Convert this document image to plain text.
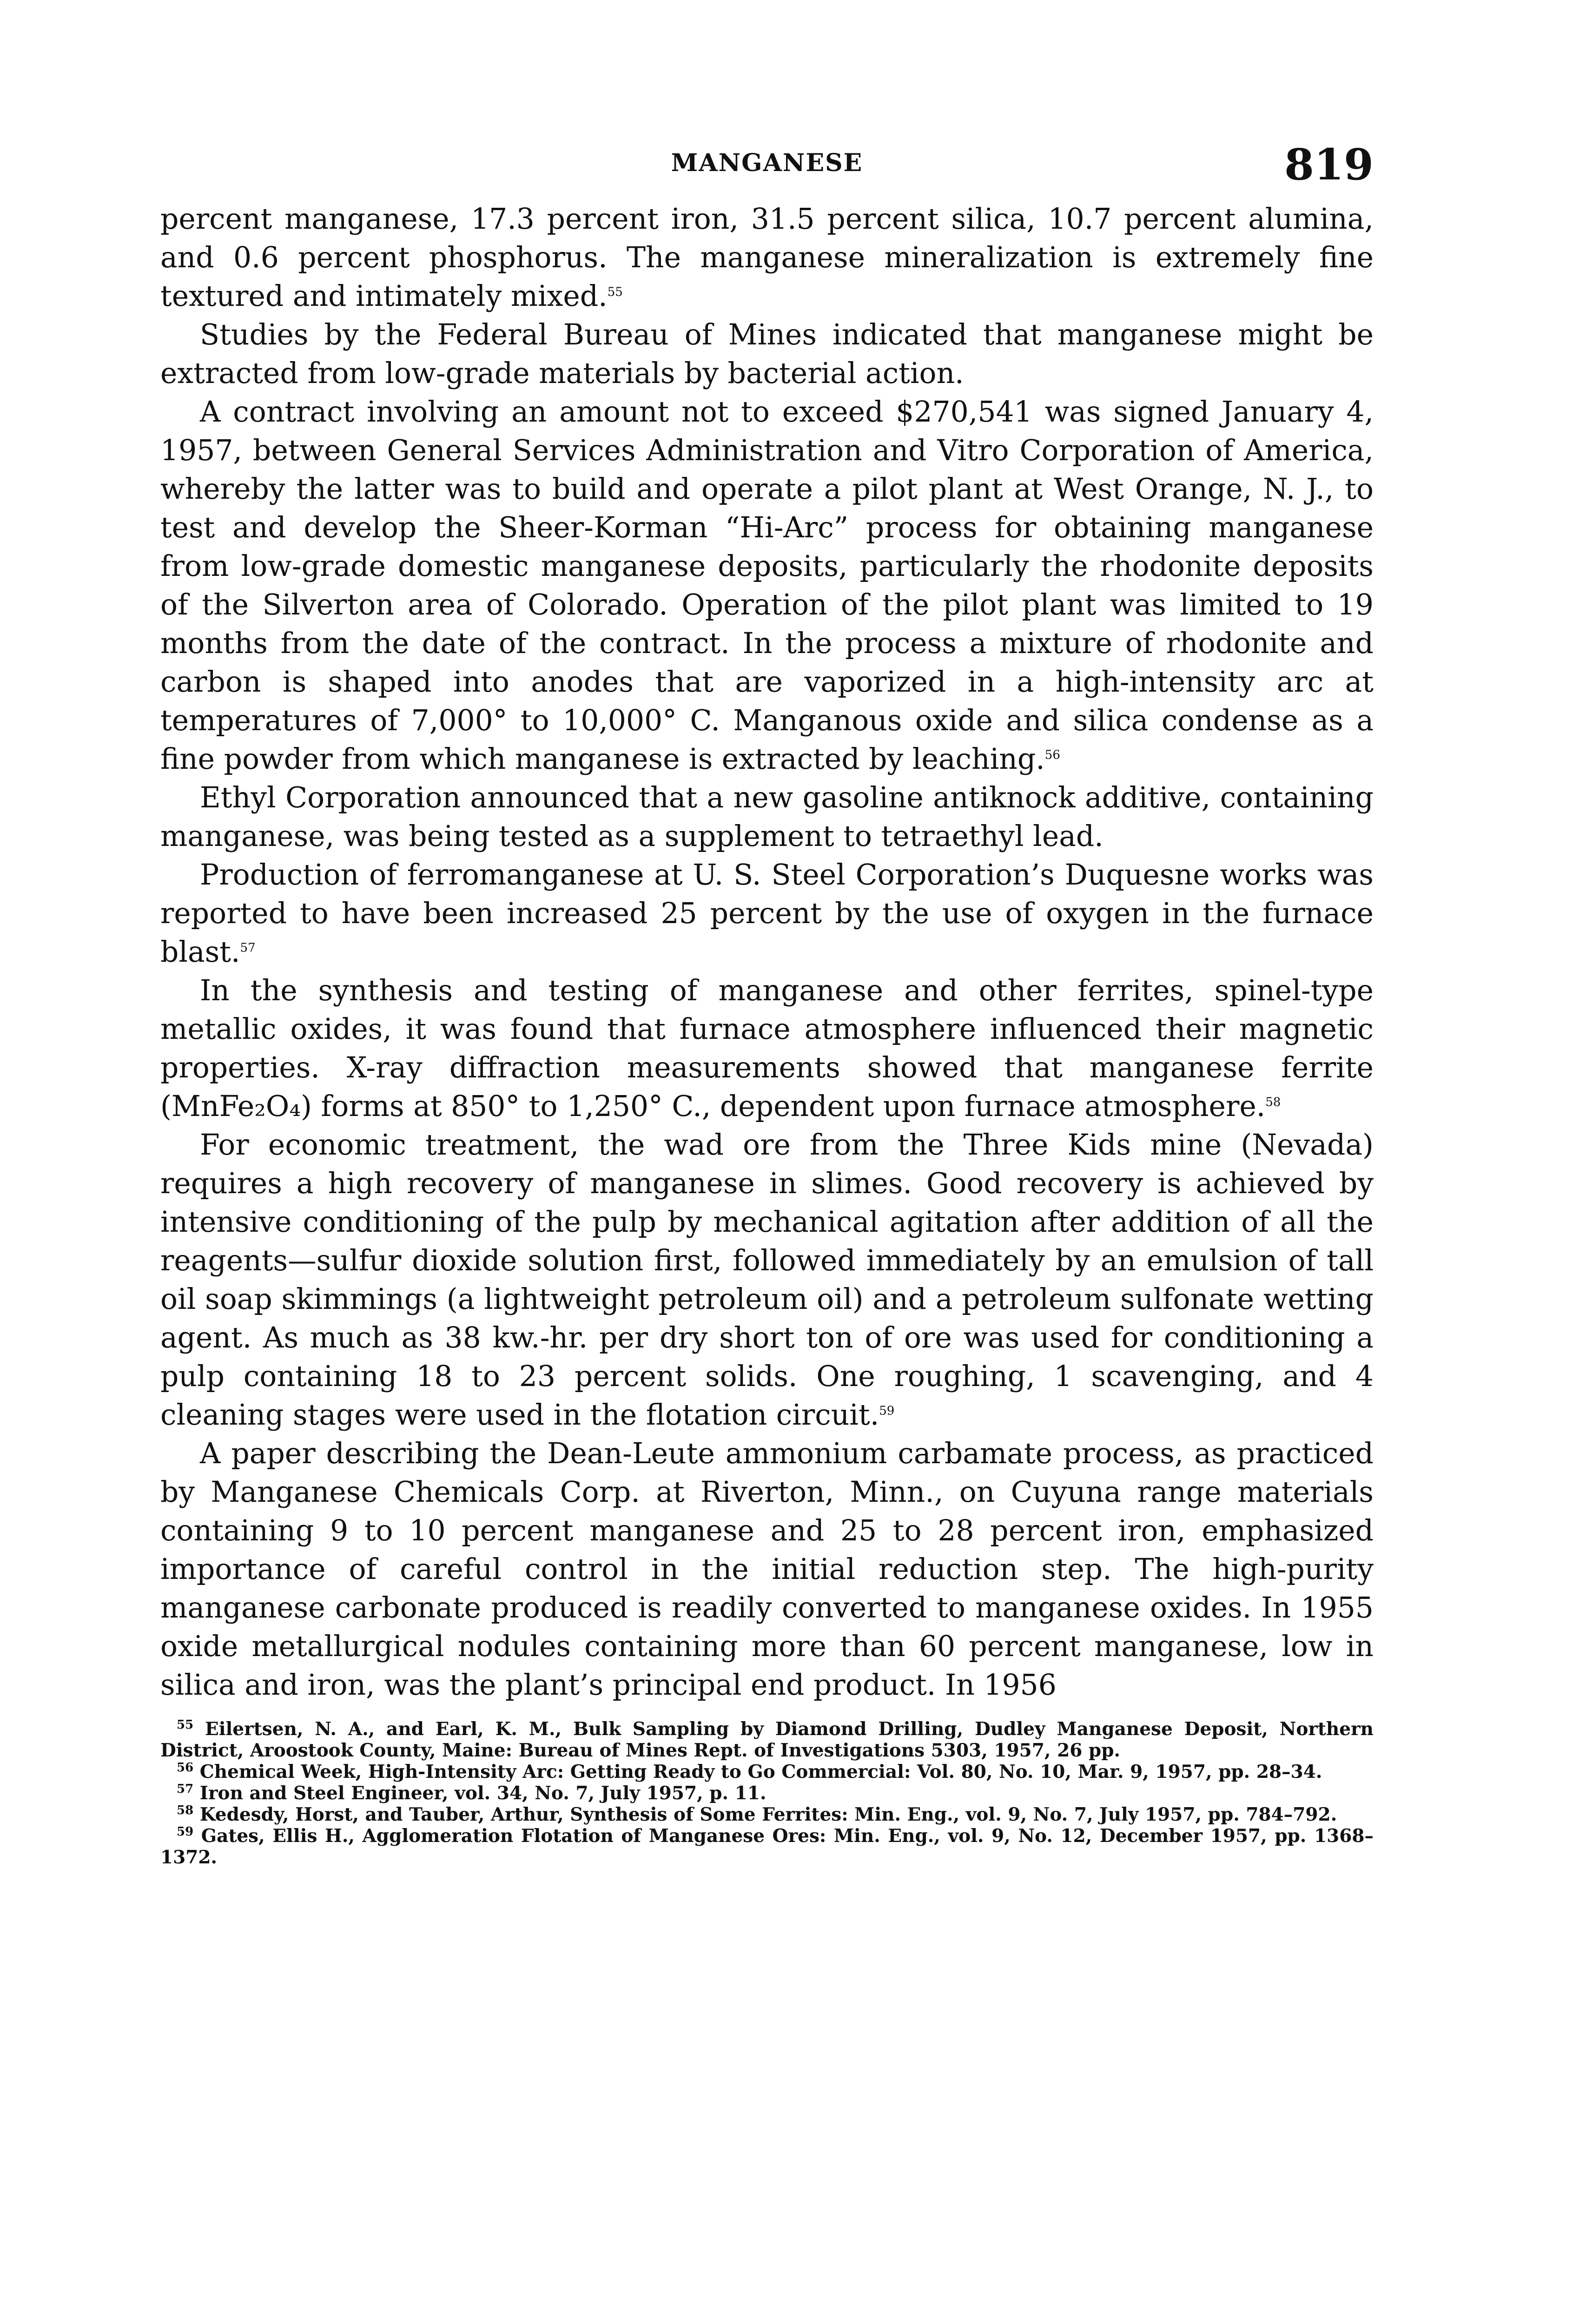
MANGANESE	819

percent manganese, 17.3 percent iron, 31.5 percent silica, 10.7 percent alumina, and 0.6 percent phosphorus. The manganese mineralization is extremely fine textured and intimately mixed.$^{55}$

Studies by the Federal Bureau of Mines indicated that manganese might be extracted from low-grade materials by bacterial action.

A contract involving an amount not to exceed $270,541 was signed January 4, 1957, between General Services Administration and Vitro Corporation of America, whereby the latter was to build and operate a pilot plant at West Orange, N. J., to test and develop the Sheer-Korman “Hi-Arc” process for obtaining manganese from low-grade domestic manganese deposits, particularly the rhodonite deposits of the Silverton area of Colorado. Operation of the pilot plant was limited to 19 months from the date of the contract. In the process a mixture of rhodonite and carbon is shaped into anodes that are vaporized in a high-intensity arc at temperatures of 7,000° to 10,000° C. Manganous oxide and silica condense as a fine powder from which manganese is extracted by leaching.$^{56}$

Ethyl Corporation announced that a new gasoline antiknock additive, containing manganese, was being tested as a supplement to tetraethyl lead.

Production of ferromanganese at U. S. Steel Corporation’s Duquesne works was reported to have been increased 25 percent by the use of oxygen in the furnace blast.$^{57}$

In the synthesis and testing of manganese and other ferrites, spinel-type metallic oxides, it was found that furnace atmosphere influenced their magnetic properties. X-ray diffraction measurements showed that manganese ferrite (MnFe₂O₄) forms at 850° to 1,250° C., dependent upon furnace atmosphere.$^{58}$

For economic treatment, the wad ore from the Three Kids mine (Nevada) requires a high recovery of manganese in slimes. Good recovery is achieved by intensive conditioning of the pulp by mechanical agitation after addition of all the reagents—sulfur dioxide solution first, followed immediately by an emulsion of tall oil soap skimmings (a lightweight petroleum oil) and a petroleum sulfonate wetting agent. As much as 38 kw.-hr. per dry short ton of ore was used for conditioning a pulp containing 18 to 23 percent solids. One roughing, 1 scavenging, and 4 cleaning stages were used in the flotation circuit.$^{59}$

A paper describing the Dean-Leute ammonium carbamate process, as practiced by Manganese Chemicals Corp. at Riverton, Minn., on Cuyuna range materials containing 9 to 10 percent manganese and 25 to 28 percent iron, emphasized importance of careful control in the initial reduction step. The high-purity manganese carbonate produced is readily converted to manganese oxides. In 1955 oxide metallurgical nodules containing more than 60 percent manganese, low in silica and iron, was the plant’s principal end product. In 1956

$^{55}$ Eilertsen, N. A., and Earl, K. M., Bulk Sampling by Diamond Drilling, Dudley Manganese Deposit, Northern District, Aroostook County, Maine: Bureau of Mines Rept. of Investigations 5303, 1957, 26 pp.

$^{56}$ Chemical Week, High-Intensity Arc: Getting Ready to Go Commercial: Vol. 80, No. 10, Mar. 9, 1957, pp. 28–34.

$^{57}$ Iron and Steel Engineer, vol. 34, No. 7, July 1957, p. 11.

$^{58}$ Kedesdy, Horst, and Tauber, Arthur, Synthesis of Some Ferrites: Min. Eng., vol. 9, No. 7, July 1957, pp. 784–792.

$^{59}$ Gates, Ellis H., Agglomeration Flotation of Manganese Ores: Min. Eng., vol. 9, No. 12, December 1957, pp. 1368–1372.
